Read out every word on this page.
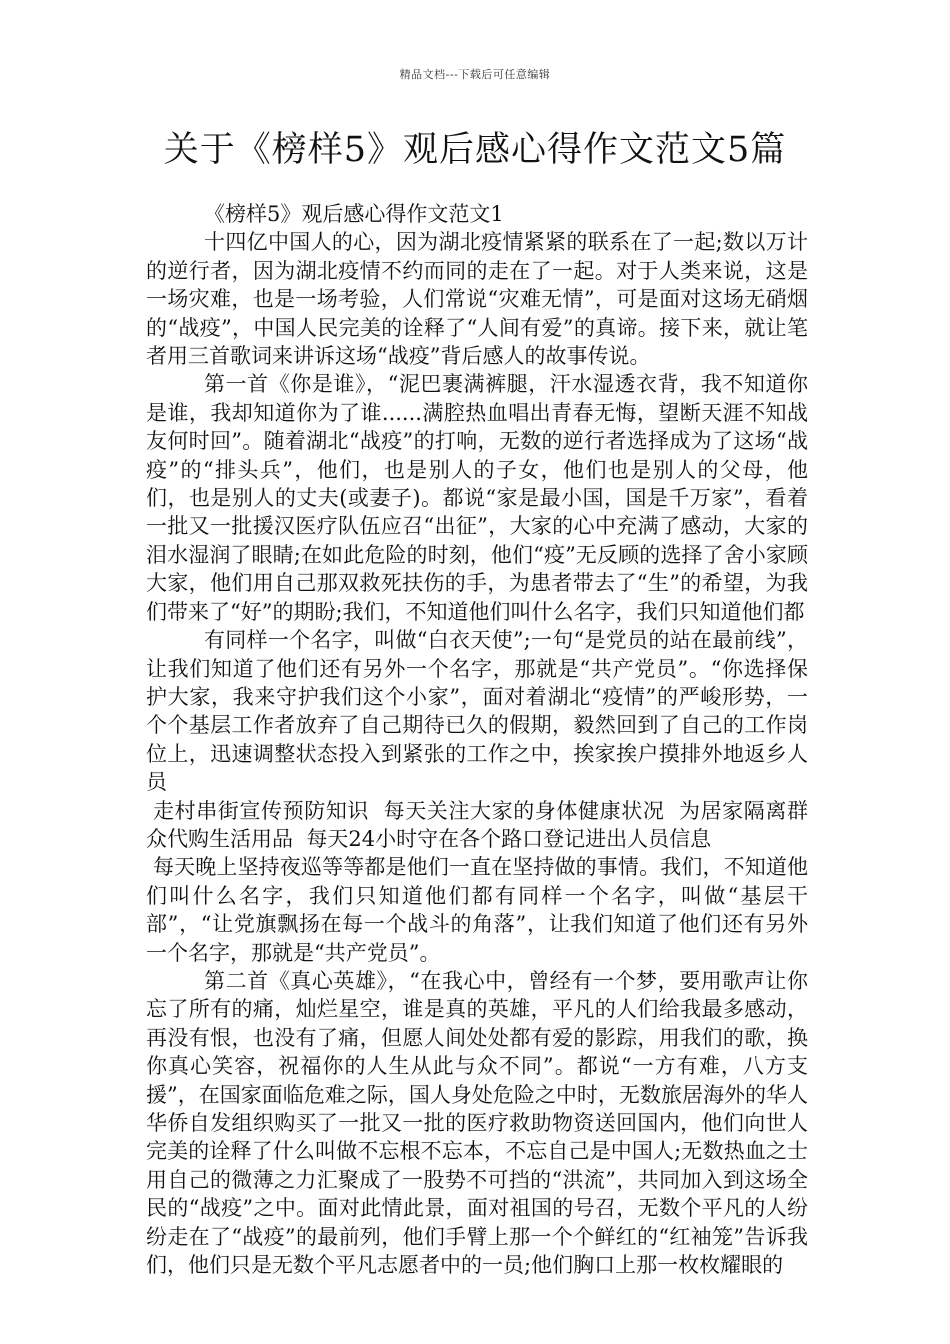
精品文档---下载后可任意编辑
关于《榜样5》观后感心得作文范文5篇

《榜样5》观后感心得作文范文1

十四亿中国人的心，因为湖北疫情紧紧的联系在了一起;数以万计的逆行者，因为湖北疫情不约而同的走在了一起。对于人类来说，这是一场灾难，也是一场考验，人们常说“灾难无情”，可是面对这场无硝烟的“战疫”，中国人民完美的诠释了“人间有爱”的真谛。接下来，就让笔者用三首歌词来讲诉这场“战疫”背后感人的故事传说。

第一首《你是谁》，“泥巴裹满裤腿，汗水湿透衣背，我不知道你是谁，我却知道你为了谁......满腔热血唱出青春无悔，望断天涯不知战友何时回”。随着湖北“战疫”的打响，无数的逆行者选择成为了这场“战疫”的“排头兵”，他们，也是别人的子女，他们也是别人的父母，他们，也是别人的丈夫(或妻子)。都说“家是最小国，国是千万家”，看着一批又一批援汉医疗队伍应召“出征”，大家的心中充满了感动，大家的泪水湿润了眼睛;在如此危险的时刻，他们“疫”无反顾的选择了舍小家顾大家，他们用自己那双救死扶伤的手，为患者带去了“生”的希望，为我们带来了“好”的期盼;我们，不知道他们叫什么名字，我们只知道他们都

有同样一个名字，叫做“白衣天使”;一句“是党员的站在最前线”，让我们知道了他们还有另外一个名字，那就是“共产党员”。“你选择保护大家，我来守护我们这个小家”，面对着湖北“疫情”的严峻形势，一个个基层工作者放弃了自己期待已久的假期，毅然回到了自己的工作岗位上，迅速调整状态投入到紧张的工作之中，挨家挨户摸排外地返乡人员

走村串街宣传预防知识  每天关注大家的身体健康状况  为居家隔离群众代购生活用品  每天24小时守在各个路口登记进出人员信息

每天晚上坚持夜巡等等都是他们一直在坚持做的事情。我们，不知道他们叫什么名字，我们只知道他们都有同样一个名字，叫做“基层干部”，“让党旗飘扬在每一个战斗的角落”，让我们知道了他们还有另外一个名字，那就是“共产党员”。

第二首《真心英雄》，“在我心中，曾经有一个梦，要用歌声让你忘了所有的痛，灿烂星空，谁是真的英雄，平凡的人们给我最多感动，再没有恨，也没有了痛，但愿人间处处都有爱的影踪，用我们的歌，换你真心笑容，祝福你的人生从此与众不同”。都说“一方有难，八方支援”，在国家面临危难之际，国人身处危险之中时，无数旅居海外的华人华侨自发组织购买了一批又一批的医疗救助物资送回国内，他们向世人完美的诠释了什么叫做不忘根不忘本，不忘自己是中国人;无数热血之士用自己的微薄之力汇聚成了一股势不可挡的“洪流”，共同加入到这场全民的“战疫”之中。面对此情此景，面对祖国的号召，无数个平凡的人纷纷走在了“战疫”的最前列，他们手臂上那一个个鲜红的“红袖笼”告诉我们，他们只是无数个平凡志愿者中的一员;他们胸口上那一枚枚耀眼的
